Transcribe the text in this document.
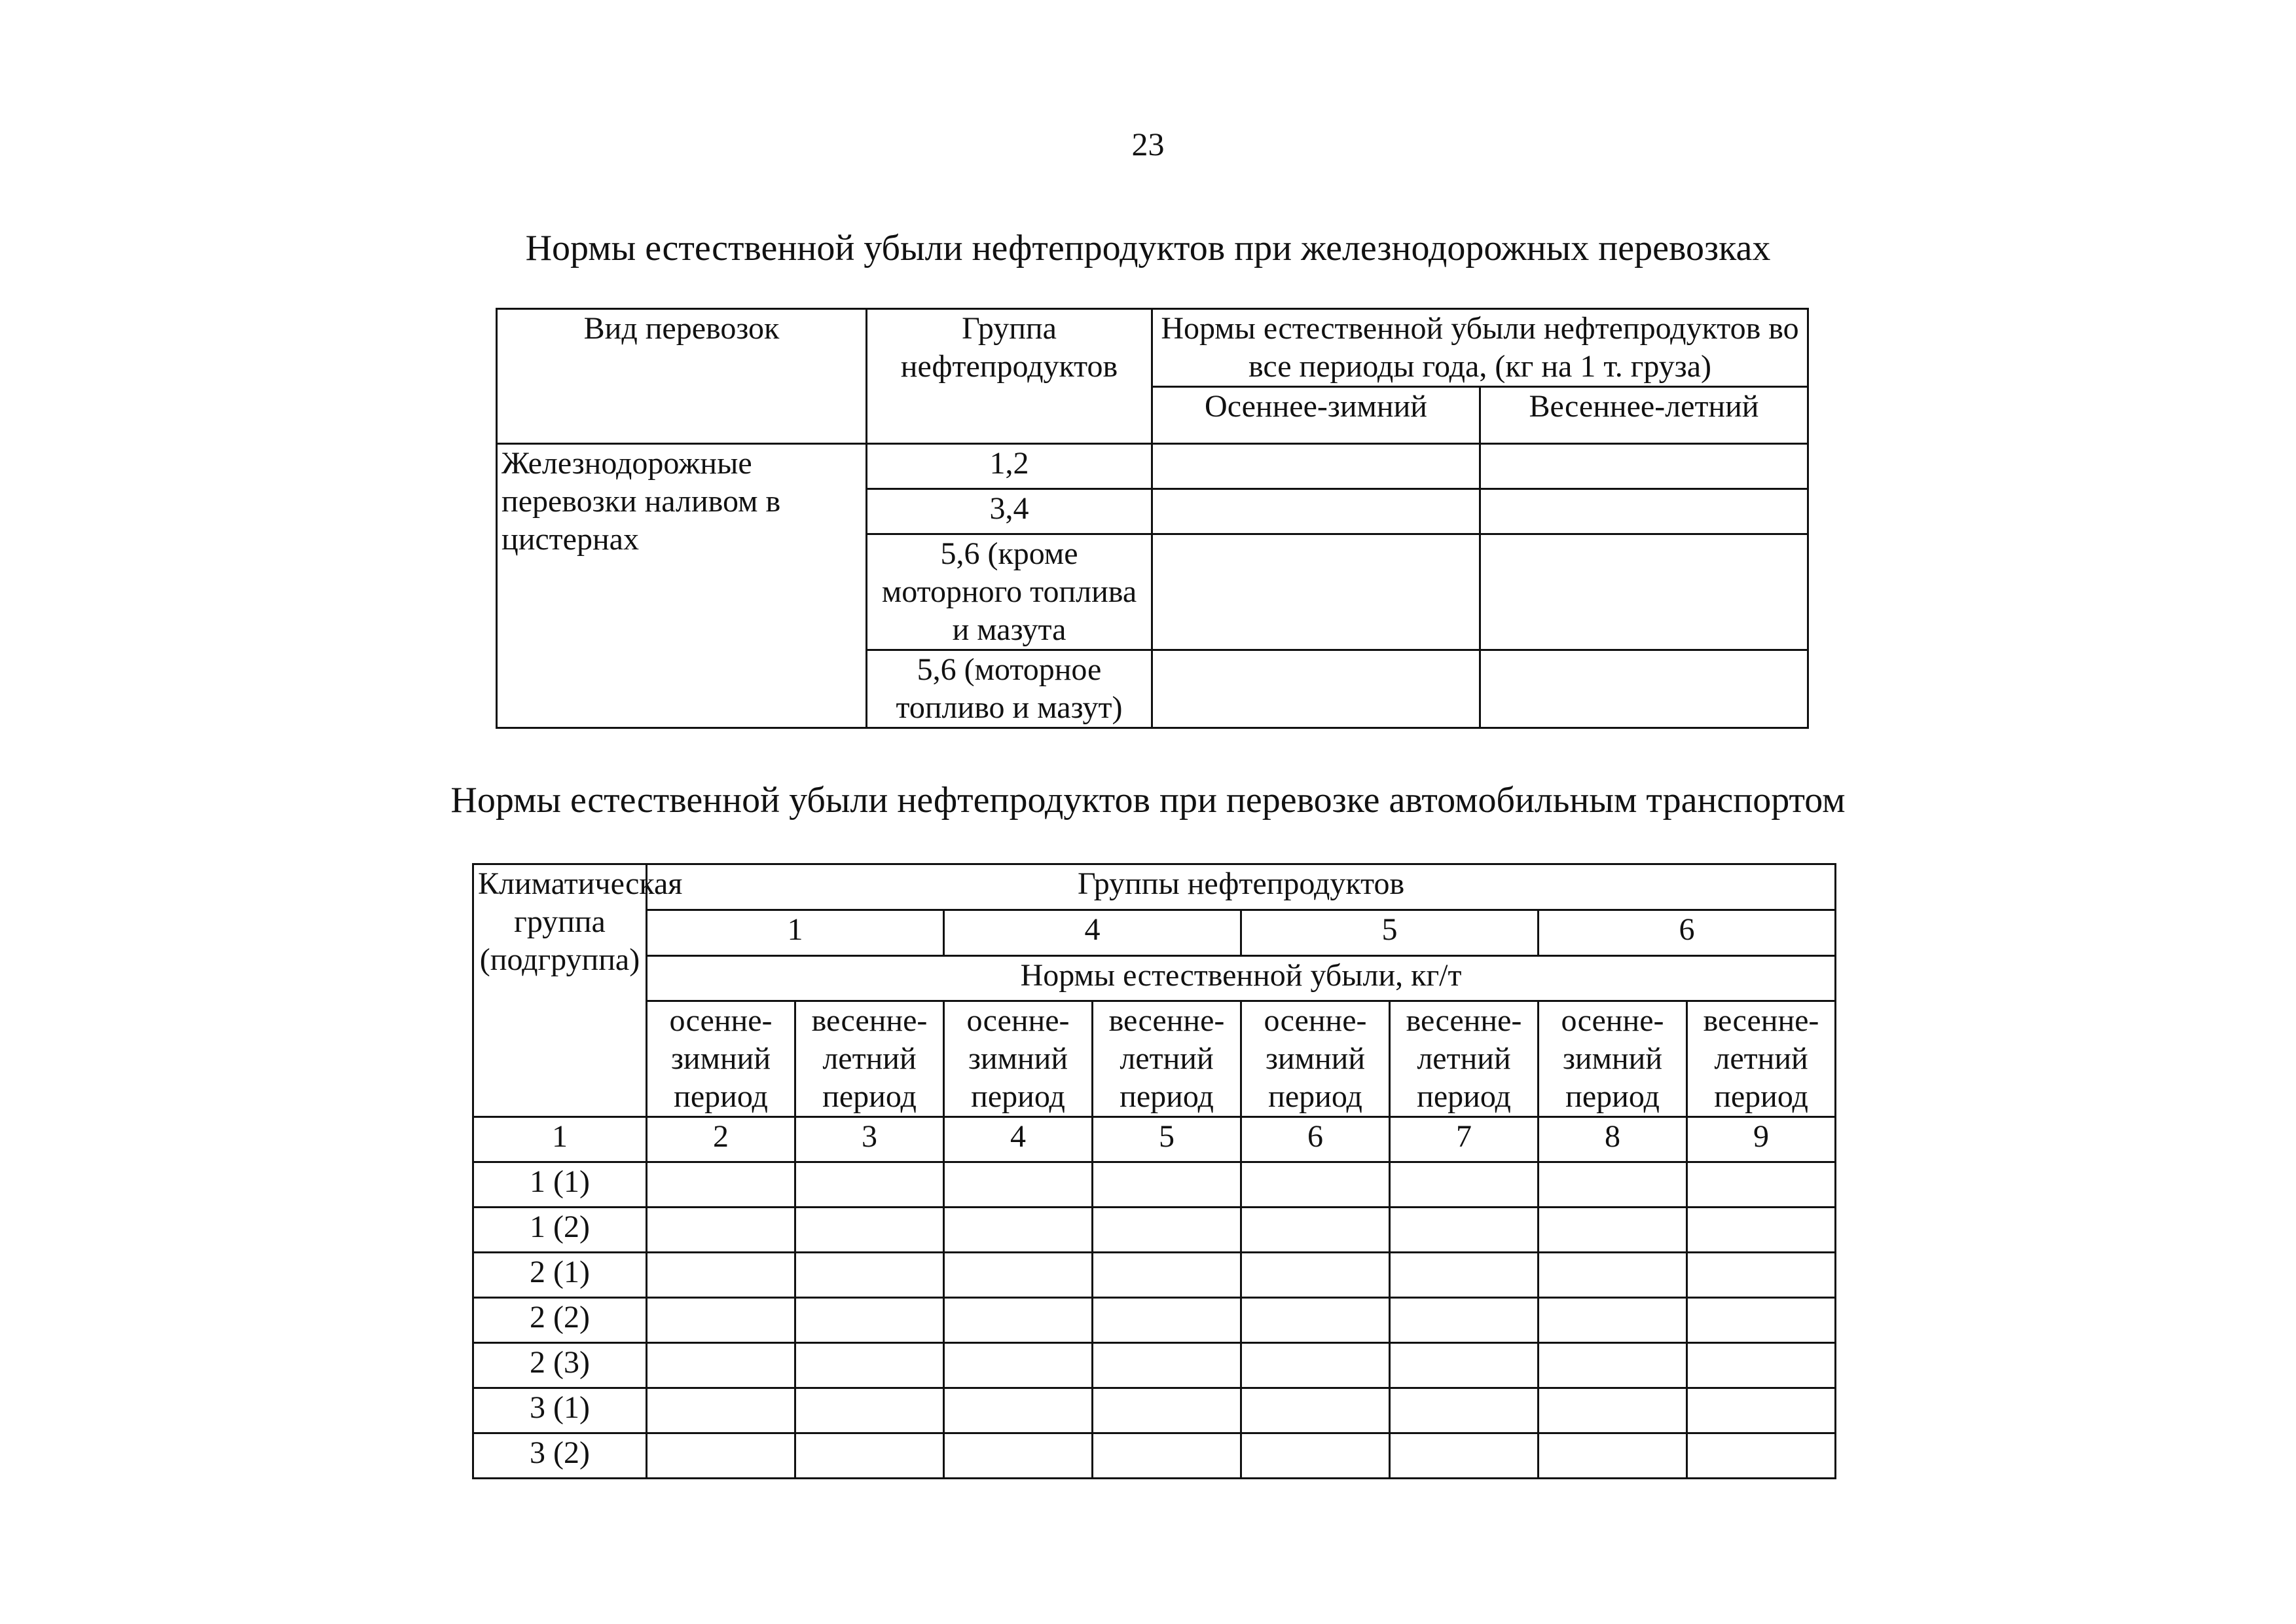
23
Нормы естественной убыли нефтепродуктов при железнодорожных перевозках
Вид перевозок	Группа нефтепродуктов	Нормы естественной убыли нефтепродуктов во все периоды года, (кг на 1 т. груза)	
		Осеннее-зимний	Весеннее-летний
Железнодорожные перевозки наливом в цистернах	1,2		
	3,4		
	5,6 (кроме моторного топлива и мазута		
	5,6 (моторное топливо и мазут)		
Нормы естественной убыли нефтепродуктов при перевозке автомобильным транспортом
Климатическая группа (подгруппа)	Группы нефтепродуктов							
	1		4		5		6	
	Нормы естественной убыли, кг/т							
	осенне-зимний период	весенне-летний период	осенне-зимний период	весенне-летний период	осенне-зимний период	весенне-летний период	осенне-зимний период	весенне-летний период
1	2	3	4	5	6	7	8	9
1 (1)								
1 (2)								
2 (1)								
2 (2)								
2 (3)								
3 (1)								
3 (2)								
